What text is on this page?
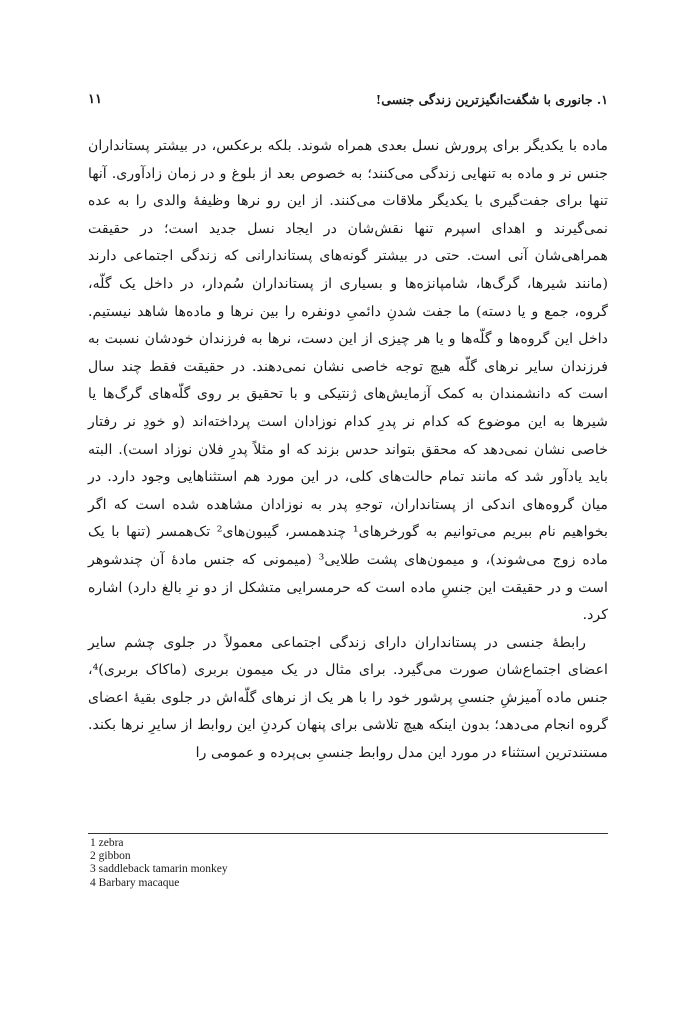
۱. جانوری با شگفت‌انگیزترین زندگی جنسی!
۱۱

ماده با یکدیگر برای پرورش نسل بعدی همراه شوند. بلکه برعکس، در بیشتر پستانداران جنس نر و ماده به تنهایی زندگی می‌کنند؛ به خصوص بعد از بلوغ و در زمان زادآوری. آنها تنها برای جفت‌گیری با یکدیگر ملاقات می‌کنند. از این رو نرها وظیفهٔ والدی را به عده نمی‌گیرند و اهدای اسپرم تنها نقش‌شان در ایجاد نسل جدید است؛ در حقیقت همراهی‌شان آنی است. حتی در بیشتر گونه‌های پستاندارانی که زندگی اجتماعی دارند (مانند شیرها، گرگ‌ها، شامپانزه‌ها و بسیاری از پستانداران سُم‌دار، در داخل یک گلّه، گروه، جمع و یا دسته) ما جفت شدنِ دائمیِ دونفره را بین نرها و ماده‌ها شاهد نیستیم. داخل این گروه‌ها و گلّه‌ها و یا هر چیزی از این دست، نرها به فرزندان خودشان نسبت به فرزندان سایر نرهای گلّه هیچ توجه خاصی نشان نمی‌دهند. در حقیقت فقط چند سال است که دانشمندان به کمک آزمایش‌های ژنتیکی و با تحقیق بر روی گلّه‌های گرگ‌ها یا شیرها به این موضوع که کدام نر پدرِ کدام نوزادان است پرداخته‌اند (و خودِ نر رفتار خاصی نشان نمی‌دهد که محقق بتواند حدس بزند که او مثلاً پدرِ فلان نوزاد است). البته باید یادآور شد که مانند تمام حالت‌های کلی، در این مورد هم استثناهایی وجود دارد. در میان گروه‌های اندکی از پستانداران، توجهِ پدر به نوزادان مشاهده شده است که اگر بخواهیم نام ببریم می‌توانیم به گورخرهای¹ چندهمسر، گیبون‌های² تک‌همسر (تنها با یک ماده زوج می‌شوند)، و میمون‌های پشت طلایی³ (میمونی که جنس مادهٔ آن چندشوهر است و در حقیقت این جنسِ ماده است که حرمسرایی متشکل از دو نرِ بالغ دارد) اشاره کرد.

رابطهٔ جنسی در پستانداران دارای زندگی اجتماعی معمولاً در جلوی چشم سایر اعضای اجتماع‌شان صورت می‌گیرد. برای مثال در یک میمون بربری (ماکاک بربری)⁴، جنس ماده آمیزشِ جنسیِ پرشور خود را با هر یک از نرهای گلّه‌اش در جلوی بقیهٔ اعضای گروه انجام می‌دهد؛ بدون اینکه هیچ تلاشی برای پنهان کردنِ این روابط از سایرِ نرها بکند. مستندترین استثناء در مورد این مدل روابط جنسیِ بی‌پرده و عمومی را

1 zebra
2 gibbon
3 saddleback tamarin monkey
4 Barbary macaque
